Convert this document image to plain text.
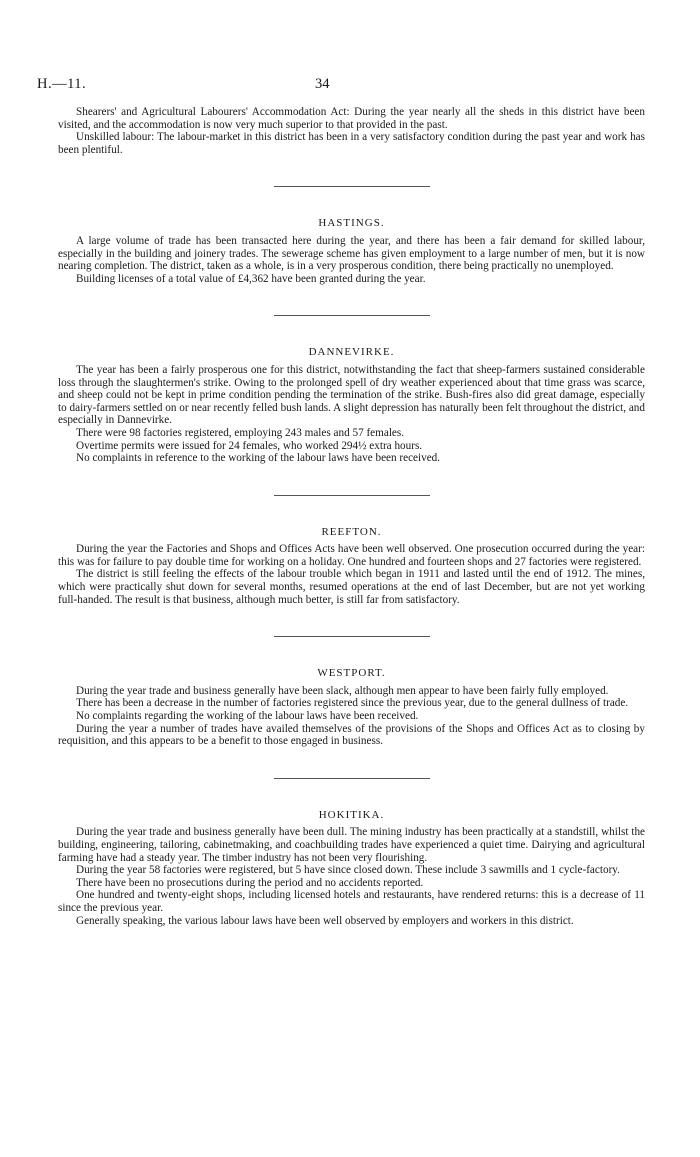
H.—11.	34

Shearers' and Agricultural Labourers' Accommodation Act: During the year nearly all the sheds in this district have been visited, and the accommodation is now very much superior to that provided in the past.

Unskilled labour: The labour-market in this district has been in a very satisfactory condition during the past year and work has been plentiful.

HASTINGS.

A large volume of trade has been transacted here during the year, and there has been a fair demand for skilled labour, especially in the building and joinery trades. The sewerage scheme has given employment to a large number of men, but it is now nearing completion. The district, taken as a whole, is in a very prosperous condition, there being practically no unemployed.

Building licenses of a total value of £4,362 have been granted during the year.

DANNEVIRKE.

The year has been a fairly prosperous one for this district, notwithstanding the fact that sheep-farmers sustained considerable loss through the slaughtermen's strike. Owing to the prolonged spell of dry weather experienced about that time grass was scarce, and sheep could not be kept in prime condition pending the termination of the strike. Bush-fires also did great damage, especially to dairy-farmers settled on or near recently felled bush lands. A slight depression has naturally been felt throughout the district, and especially in Dannevirke.

There were 98 factories registered, employing 243 males and 57 females.

Overtime permits were issued for 24 females, who worked 294½ extra hours.

No complaints in reference to the working of the labour laws have been received.

REEFTON.

During the year the Factories and Shops and Offices Acts have been well observed. One prosecution occurred during the year: this was for failure to pay double time for working on a holiday. One hundred and fourteen shops and 27 factories were registered.

The district is still feeling the effects of the labour trouble which began in 1911 and lasted until the end of 1912. The mines, which were practically shut down for several months, resumed operations at the end of last December, but are not yet working full-handed. The result is that business, although much better, is still far from satisfactory.

WESTPORT.

During the year trade and business generally have been slack, although men appear to have been fairly fully employed.

There has been a decrease in the number of factories registered since the previous year, due to the general dullness of trade.

No complaints regarding the working of the labour laws have been received.

During the year a number of trades have availed themselves of the provisions of the Shops and Offices Act as to closing by requisition, and this appears to be a benefit to those engaged in business.

HOKITIKA.

During the year trade and business generally have been dull. The mining industry has been practically at a standstill, whilst the building, engineering, tailoring, cabinetmaking, and coachbuilding trades have experienced a quiet time. Dairying and agricultural farming have had a steady year. The timber industry has not been very flourishing.

During the year 58 factories were registered, but 5 have since closed down. These include 3 sawmills and 1 cycle-factory.

There have been no prosecutions during the period and no accidents reported.

One hundred and twenty-eight shops, including licensed hotels and restaurants, have rendered returns: this is a decrease of 11 since the previous year.

Generally speaking, the various labour laws have been well observed by employers and workers in this district.
